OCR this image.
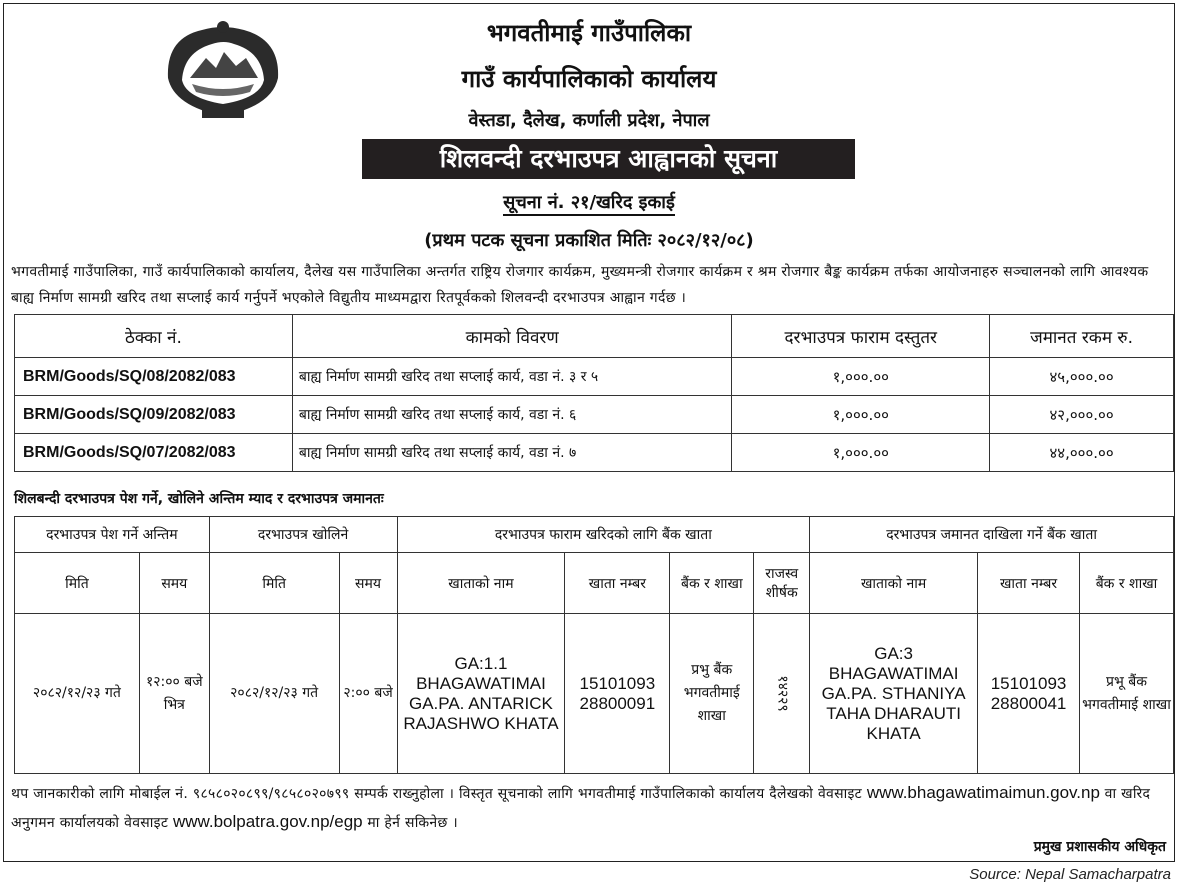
भगवतीमाई गाउँपालिका
गाउँ कार्यपालिकाको कार्यालय
वेस्तडा, दैलेख, कर्णाली प्रदेश, नेपाल
शिलवन्दी दरभाउपत्र आह्वानको सूचना
सूचना नं. २१/खरिद इकाई
(प्रथम पटक सूचना प्रकाशित मितिः २०८२/१२/०८)
भगवतीमाई गाउँपालिका, गाउँ कार्यपालिकाको कार्यालय, दैलेख यस गाउँपालिका अन्तर्गत राष्ट्रिय रोजगार कार्यक्रम, मुख्यमन्त्री रोजगार कार्यक्रम र श्रम रोजगार बैङ्क कार्यक्रम तर्फका आयोजनाहरु सञ्चालनको लागि आवश्यक बाह्य निर्माण सामग्री खरिद तथा सप्लाई कार्य गर्नुपर्ने भएकोले विद्युतीय माध्यमद्वारा रितपूर्वकको शिलवन्दी दरभाउपत्र आह्वान गर्दछ ।
ठेक्का नं.	कामको विवरण	दरभाउपत्र फाराम दस्तुतर	जमानत रकम रु.
BRM/Goods/SQ/08/2082/083	बाह्य निर्माण सामग्री खरिद तथा सप्लाई कार्य, वडा नं. ३ र ५	१,०००.००	४५,०००.००
BRM/Goods/SQ/09/2082/083	बाह्य निर्माण सामग्री खरिद तथा सप्लाई कार्य, वडा नं. ६	१,०००.००	४२,०००.००
BRM/Goods/SQ/07/2082/083	बाह्य निर्माण सामग्री खरिद तथा सप्लाई कार्य, वडा नं. ७	१,०००.००	४४,०००.००
शिलबन्दी दरभाउपत्र पेश गर्ने, खोलिने अन्तिम म्याद र दरभाउपत्र जमानतः
दरभाउपत्र पेश गर्ने अन्तिम		दरभाउपत्र खोलिने		दरभाउपत्र फाराम खरिदको लागि बैंक खाता				दरभाउपत्र जमानत दाखिला गर्ने बैंक खाता		
मिति	समय	मिति	समय	खाताको नाम	खाता नम्बर	बैंक र शाखा	राजस्व शीर्षक	खाताको नाम	खाता नम्बर	बैंक र शाखा
२०८२/१२/२३ गते	१२:०० बजे भित्र	२०८२/१२/२३ गते	२:०० बजे	GA:1.1 BHAGAWATIMAI GA.PA. ANTARICK RAJASHWO KHATA	15101093 28800091	प्रभु बैंक भगवतीमाई शाखा	१४२२९	GA:3 BHAGAWATIMAI GA.PA. STHANIYA TAHA DHARAUTI KHATA	15101093 28800041	प्रभू बैंक भगवतीमाई शाखा
थप जानकारीको लागि मोबाईल नं. ९८५८०२०८९९/९८५८०२०७९९ सम्पर्क राख्नुहोला । विस्तृत सूचनाको लागि भगवतीमाई गाउँपालिकाको कार्यालय दैलेखको वेवसाइट www.bhagawatimaimun.gov.np वा खरिद अनुगमन कार्यालयको वेवसाइट www.bolpatra.gov.np/egp मा हेर्न सकिनेछ ।
प्रमुख प्रशासकीय अधिकृत
Source: Nepal Samacharpatra
